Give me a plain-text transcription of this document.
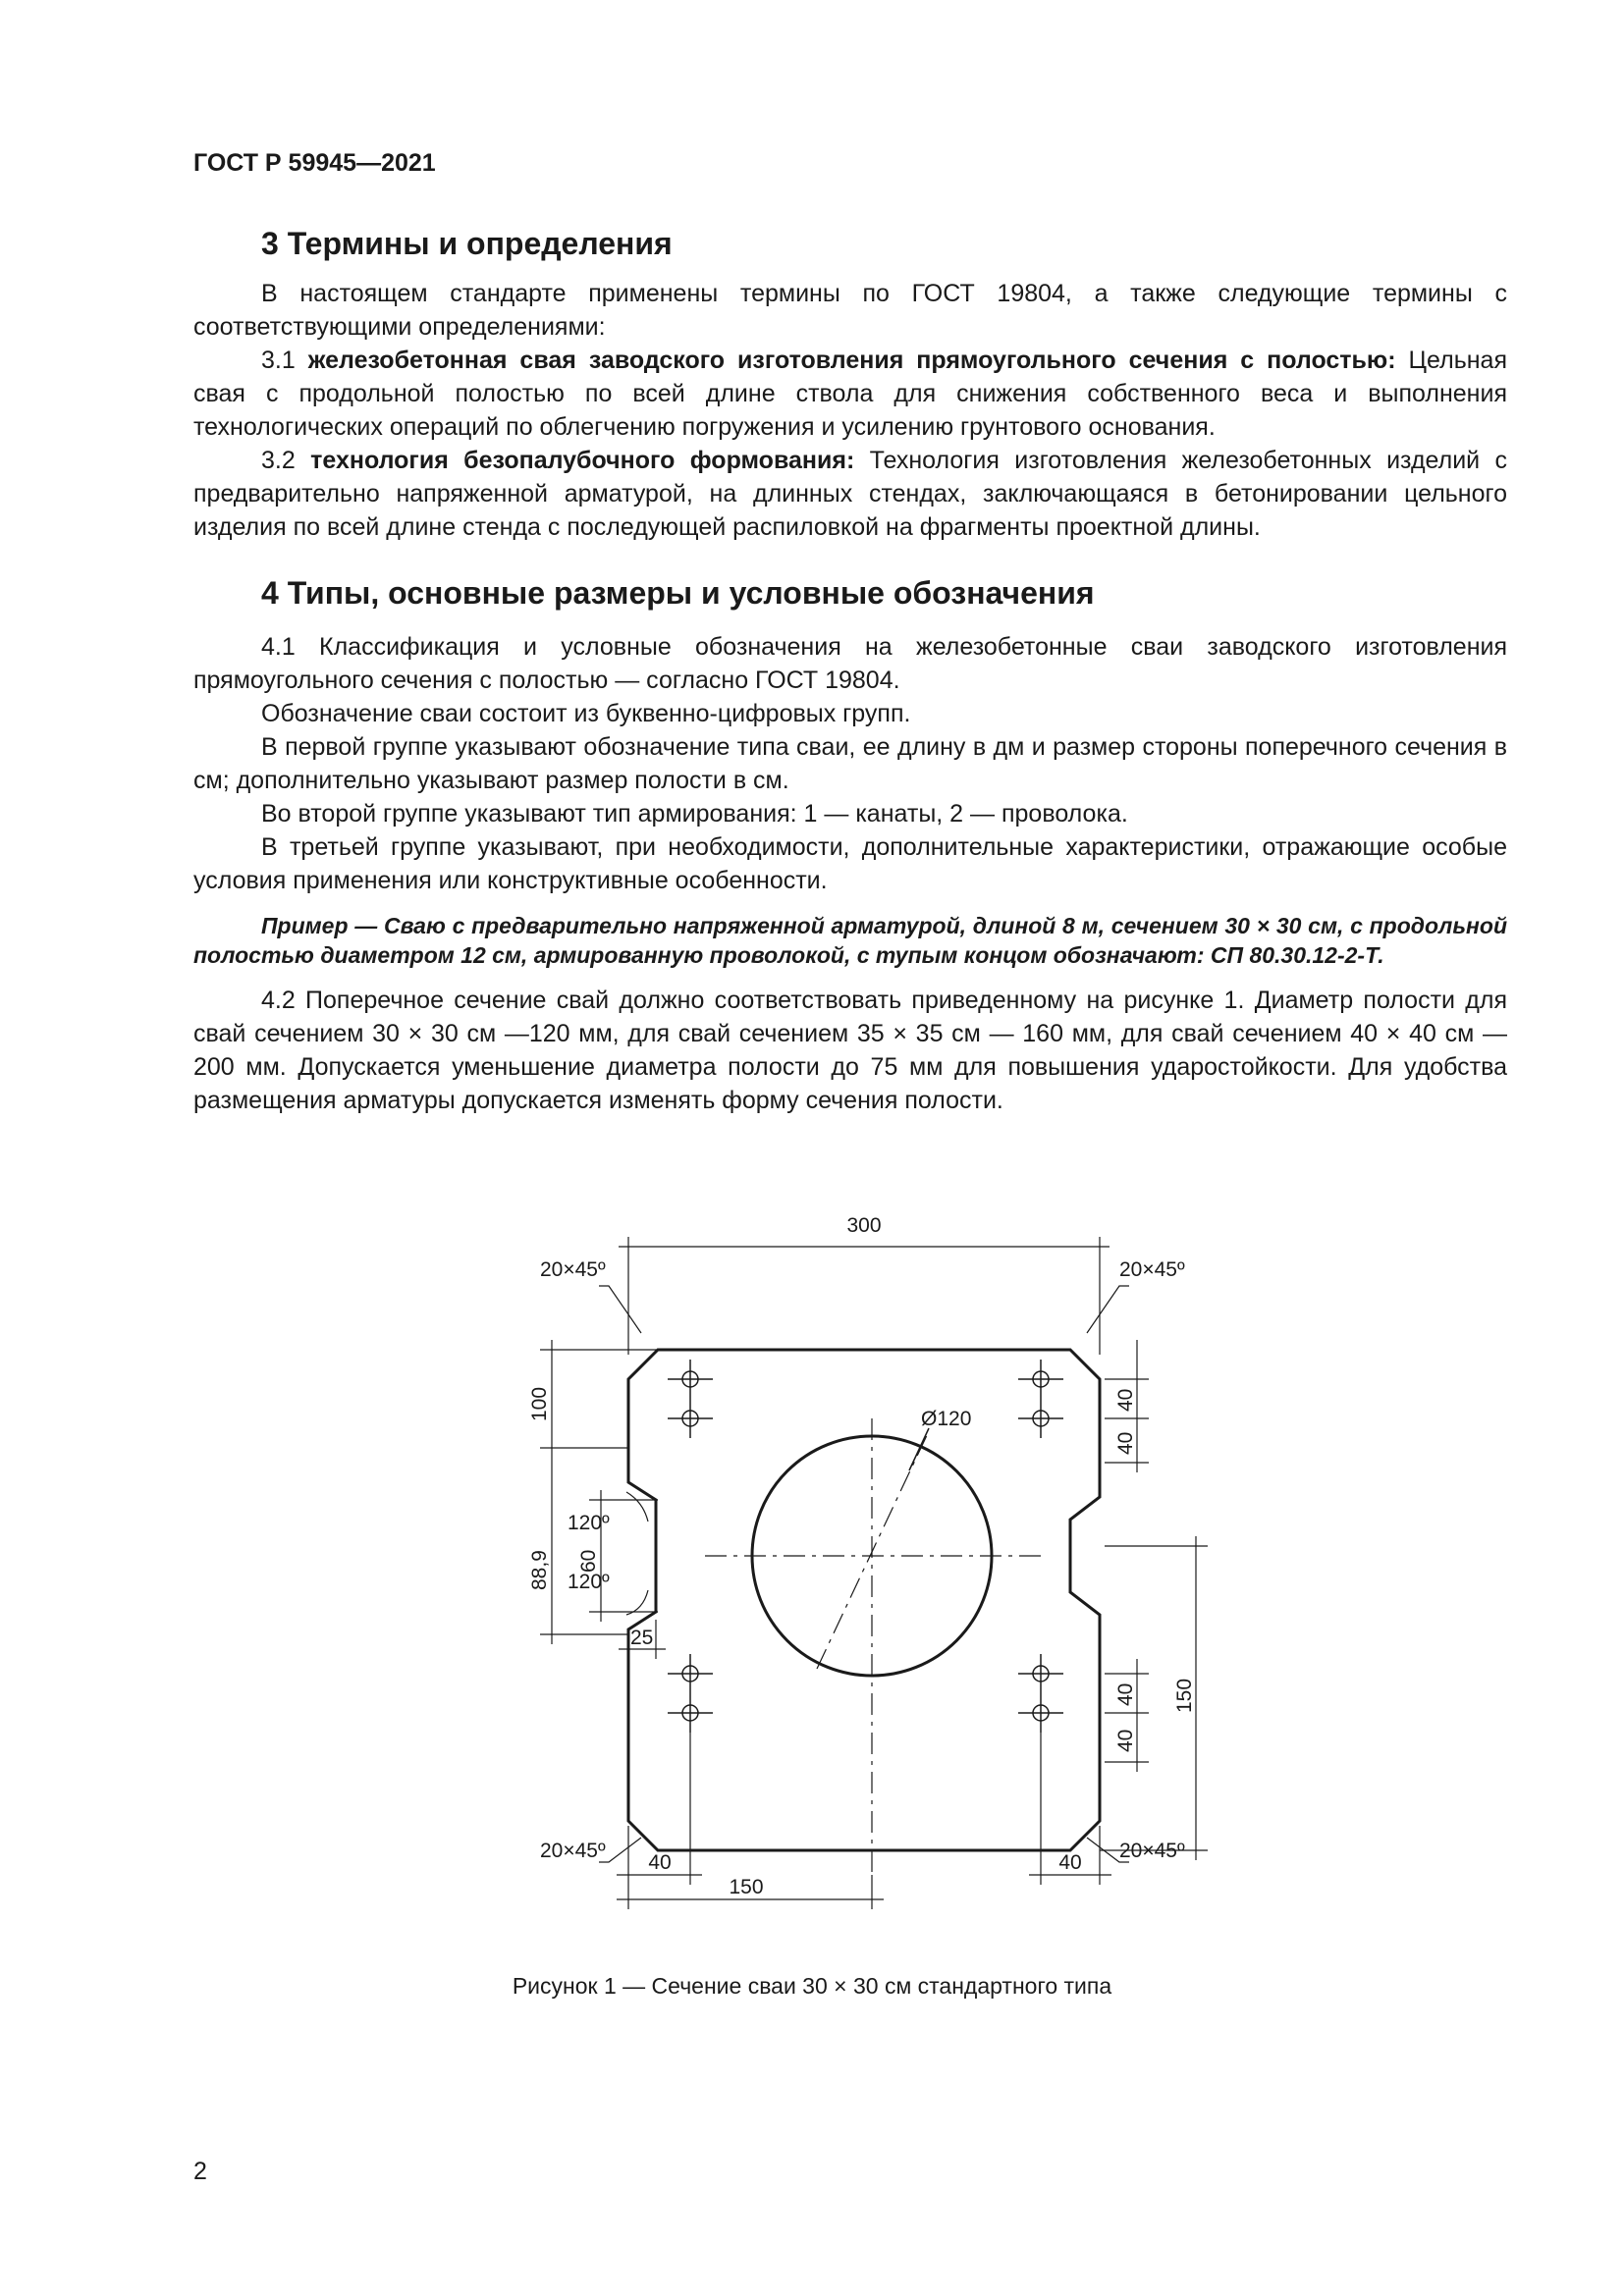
ГОСТ Р 59945—2021
3 Термины и определения

В настоящем стандарте применены термины по ГОСТ 19804, а также следующие термины с соответствующими определениями:

3.1 железобетонная свая заводского изготовления прямоугольного сечения с полостью: Цельная свая с продольной полостью по всей длине ствола для снижения собственного веса и выполнения технологических операций по облегчению погружения и усилению грунтового основания.

3.2 технология безопалубочного формования: Технология изготовления железобетонных изделий с предварительно напряженной арматурой, на длинных стендах, заключающаяся в бетонировании цельного изделия по всей длине стенда с последующей распиловкой на фрагменты проектной длины.

4 Типы, основные размеры и условные обозначения

4.1 Классификация и условные обозначения на железобетонные сваи заводского изготовления прямоугольного сечения с полостью — согласно ГОСТ 19804.

Обозначение сваи состоит из буквенно-цифровых групп.

В первой группе указывают обозначение типа сваи, ее длину в дм и размер стороны поперечного сечения в см; дополнительно указывают размер полости в см.

Во второй группе указывают тип армирования: 1 — канаты, 2 — проволока.

В третьей группе указывают, при необходимости, дополнительные характеристики, отражающие особые условия применения или конструктивные особенности.

Пример — Сваю с предварительно напряженной арматурой, длиной 8 м, сечением 30 × 30 см, с продольной полостью диаметром 12 см, армированную проволокой, с тупым концом обозначают: СП 80.30.12-2-Т.

4.2 Поперечное сечение свай должно соответствовать приведенному на рисунке 1. Диаметр полости для свай сечением 30 × 30 см —120 мм, для свай сечением 35 × 35 см — 160 мм, для свай сечением 40 × 40 см — 200 мм. Допускается уменьшение диаметра полости до 75 мм для повышения ударостойкости. Для удобства размещения арматуры допускается изменять форму сечения полости.

300
20×45º	20×45º
100
88,9 60
120º
120º
25
Ø120
40
40
40
40
150
20×45º	20×45º
40	40
150
Рисунок 1 — Сечение сваи 30 × 30 см стандартного типа
2
